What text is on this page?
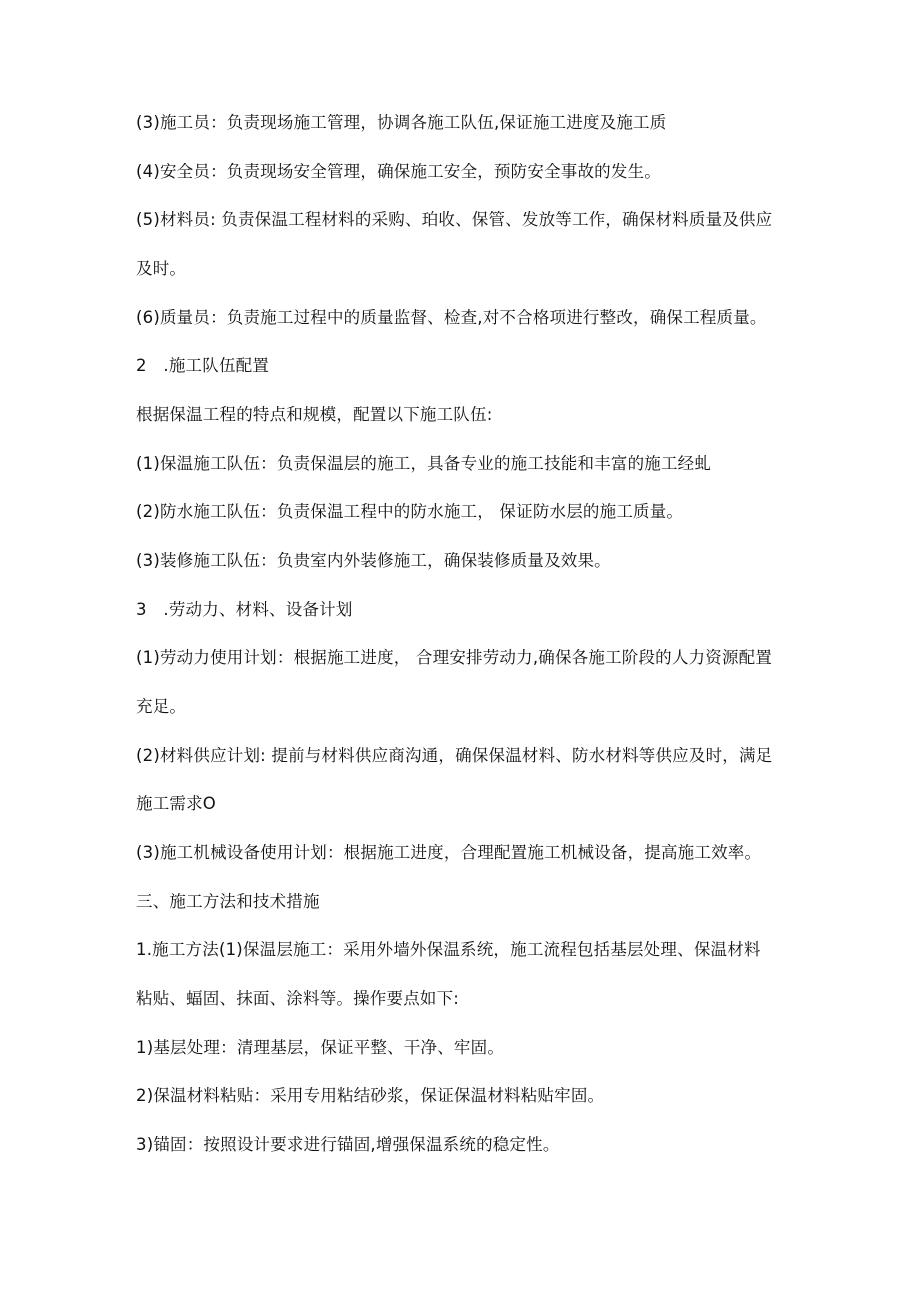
(3)施工员：负责现场施工管理，协调各施工队伍,保证施工进度及施工质
(4)安全员：负责现场安全管理，确保施工安全，预防安全事故的发生。
(5)材料员: 负责保温工程材料的采购、珀收、保管、发放等工作，确保材料质量及供应
及时。
(6)质量员：负责施工过程中的质量监督、检查,对不合格项进行整改，确保工程质量。
2　.施工队伍配置
根据保温工程的特点和规模，配置以下施工队伍:
(1)保温施工队伍：负责保温层的施工，具备专业的施工技能和丰富的施工经虬
(2)防水施工队伍：负责保温工程中的防水施工， 保证防水层的施工质量。
(3)装修施工队伍：负贵室内外装修施工，确保装修质量及效果。
3　.劳动力、材料、设备计划
(1)劳动力使用计划：根据施工进度， 合理安排劳动力,确保各施工阶段的人力资源配置
充足。
(2)材料供应计划: 提前与材料供应商沟通，确保保温材料、防水材料等供应及时，满足
施工需求O
(3)施工机械设备使用计划：根据施工进度，合理配置施工机械设备，提高施工效率。
三、施工方法和技术措施
1.施工方法(1)保温层施工：采用外墙外保温系统，施工流程包括基层处理、保温材料
粘贴、蝠固、抹面、涂料等。操作要点如下:
1)基层处理：清理基层，保证平整、干净、牢固。
2)保温材料粘贴：采用专用粘结砂浆，保证保温材料粘贴牢固。
3)锚固：按照设计要求进行锚固,增强保温系统的稳定性。
